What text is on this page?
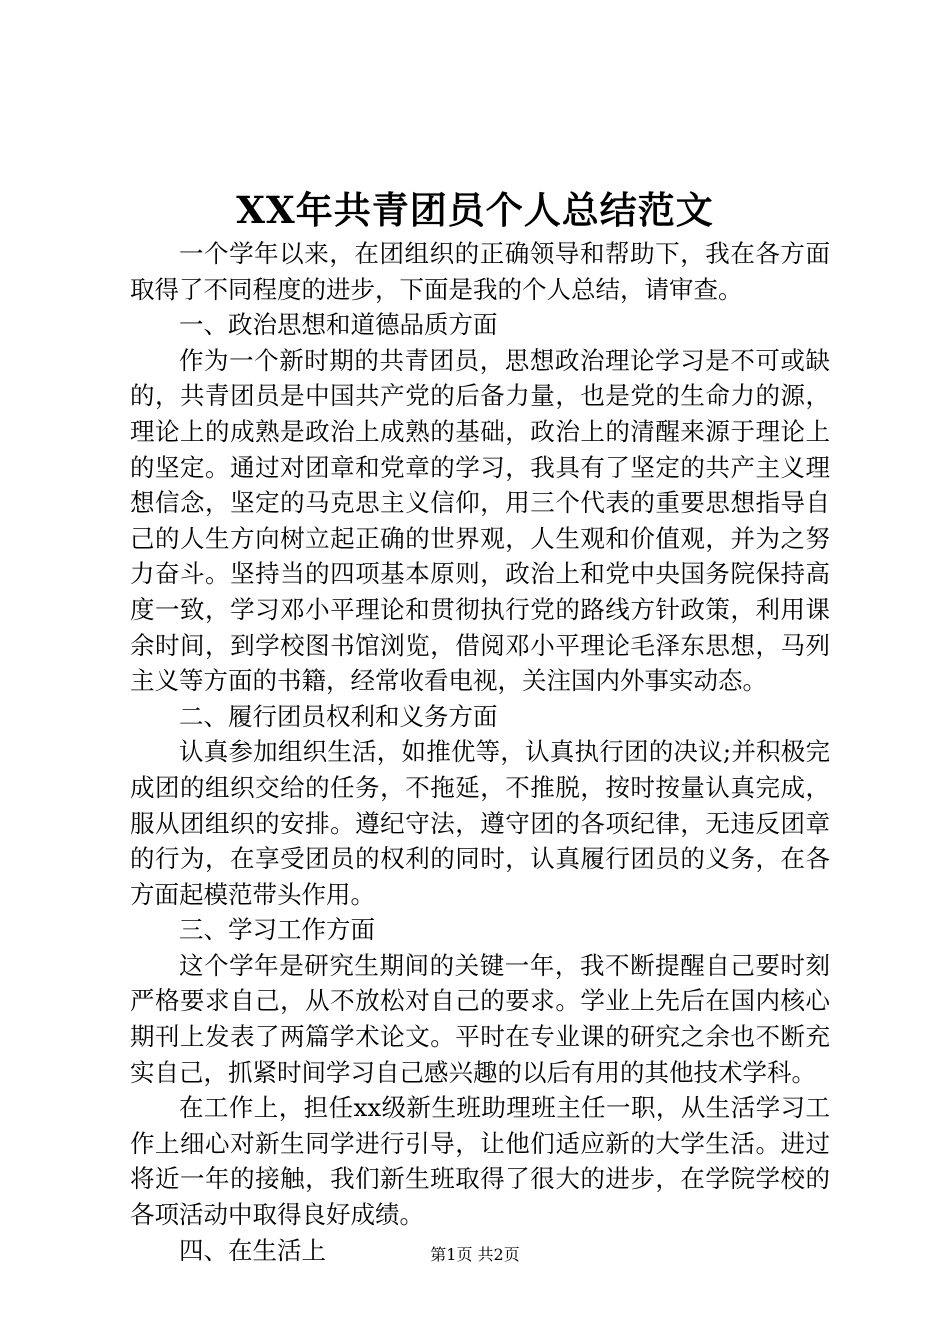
XX年共青团员个人总结范文

一个学年以来，在团组织的正确领导和帮助下，我在各方面取得了不同程度的进步，下面是我的个人总结，请审查。

一、政治思想和道德品质方面

作为一个新时期的共青团员，思想政治理论学习是不可或缺的，共青团员是中国共产党的后备力量，也是党的生命力的源，理论上的成熟是政治上成熟的基础，政治上的清醒来源于理论上的坚定。通过对团章和党章的学习，我具有了坚定的共产主义理想信念，坚定的马克思主义信仰，用三个代表的重要思想指导自己的人生方向树立起正确的世界观，人生观和价值观，并为之努力奋斗。坚持当的四项基本原则，政治上和党中央国务院保持高度一致，学习邓小平理论和贯彻执行党的路线方针政策，利用课余时间，到学校图书馆浏览，借阅邓小平理论毛泽东思想，马列主义等方面的书籍，经常收看电视，关注国内外事实动态。

二、履行团员权利和义务方面

认真参加组织生活，如推优等，认真执行团的决议;并积极完成团的组织交给的任务，不拖延，不推脱，按时按量认真完成，服从团组织的安排。遵纪守法，遵守团的各项纪律，无违反团章的行为，在享受团员的权利的同时，认真履行团员的义务，在各方面起模范带头作用。

三、学习工作方面

这个学年是研究生期间的关键一年，我不断提醒自己要时刻严格要求自己，从不放松对自己的要求。学业上先后在国内核心期刊上发表了两篇学术论文。平时在专业课的研究之余也不断充实自己，抓紧时间学习自己感兴趣的以后有用的其他技术学科。

在工作上，担任xx级新生班助理班主任一职，从生活学习工作上细心对新生同学进行引导，让他们适应新的大学生活。进过将近一年的接触，我们新生班取得了很大的进步，在学院学校的各项活动中取得良好成绩。

四、在生活上	第1页 共2页
